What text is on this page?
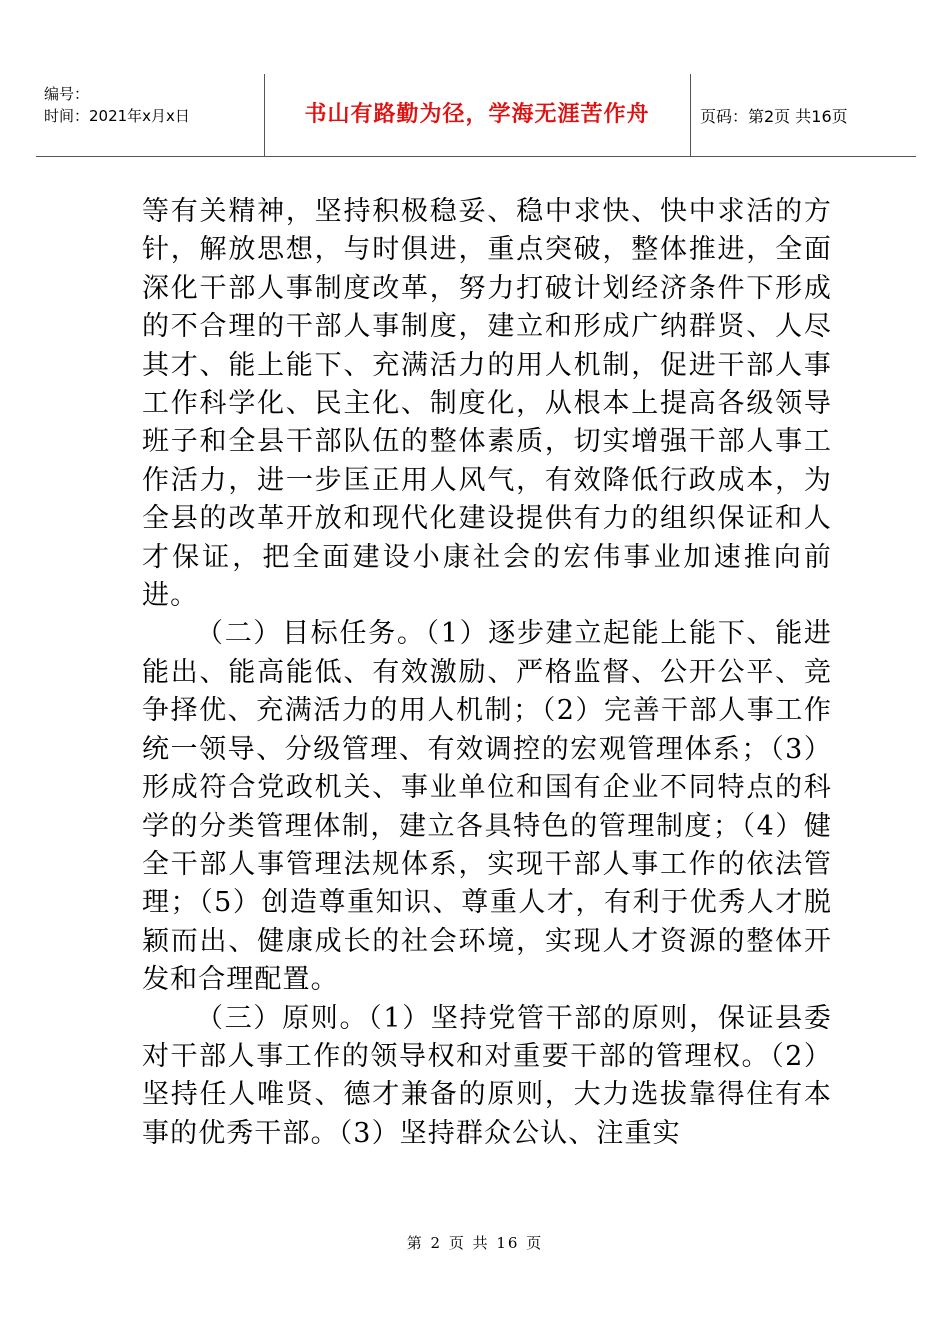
编号：
时间：2021年x月x日	书山有路勤为径，学海无涯苦作舟	页码：第2页 共16页

等有关精神，坚持积极稳妥、稳中求快、快中求活的方针，解放思想，与时俱进，重点突破，整体推进，全面深化干部人事制度改革，努力打破计划经济条件下形成的不合理的干部人事制度，建立和形成广纳群贤、人尽其才、能上能下、充满活力的用人机制，促进干部人事工作科学化、民主化、制度化，从根本上提高各级领导班子和全县干部队伍的整体素质，切实增强干部人事工作活力，进一步匡正用人风气，有效降低行政成本，为全县的改革开放和现代化建设提供有力的组织保证和人才保证，把全面建设小康社会的宏伟事业加速推向前进。

（二）目标任务。（1）逐步建立起能上能下、能进能出、能高能低、有效激励、严格监督、公开公平、竞争择优、充满活力的用人机制；（2）完善干部人事工作统一领导、分级管理、有效调控的宏观管理体系；（3）形成符合党政机关、事业单位和国有企业不同特点的科学的分类管理体制，建立各具特色的管理制度；（4）健全干部人事管理法规体系，实现干部人事工作的依法管理；（5）创造尊重知识、尊重人才，有利于优秀人才脱颖而出、健康成长的社会环境，实现人才资源的整体开发和合理配置。

（三）原则。（1）坚持党管干部的原则，保证县委对干部人事工作的领导权和对重要干部的管理权。（2）坚持任人唯贤、德才兼备的原则，大力选拔靠得住有本事的优秀干部。（3）坚持群众公认、注重实

第 2 页 共 16 页
